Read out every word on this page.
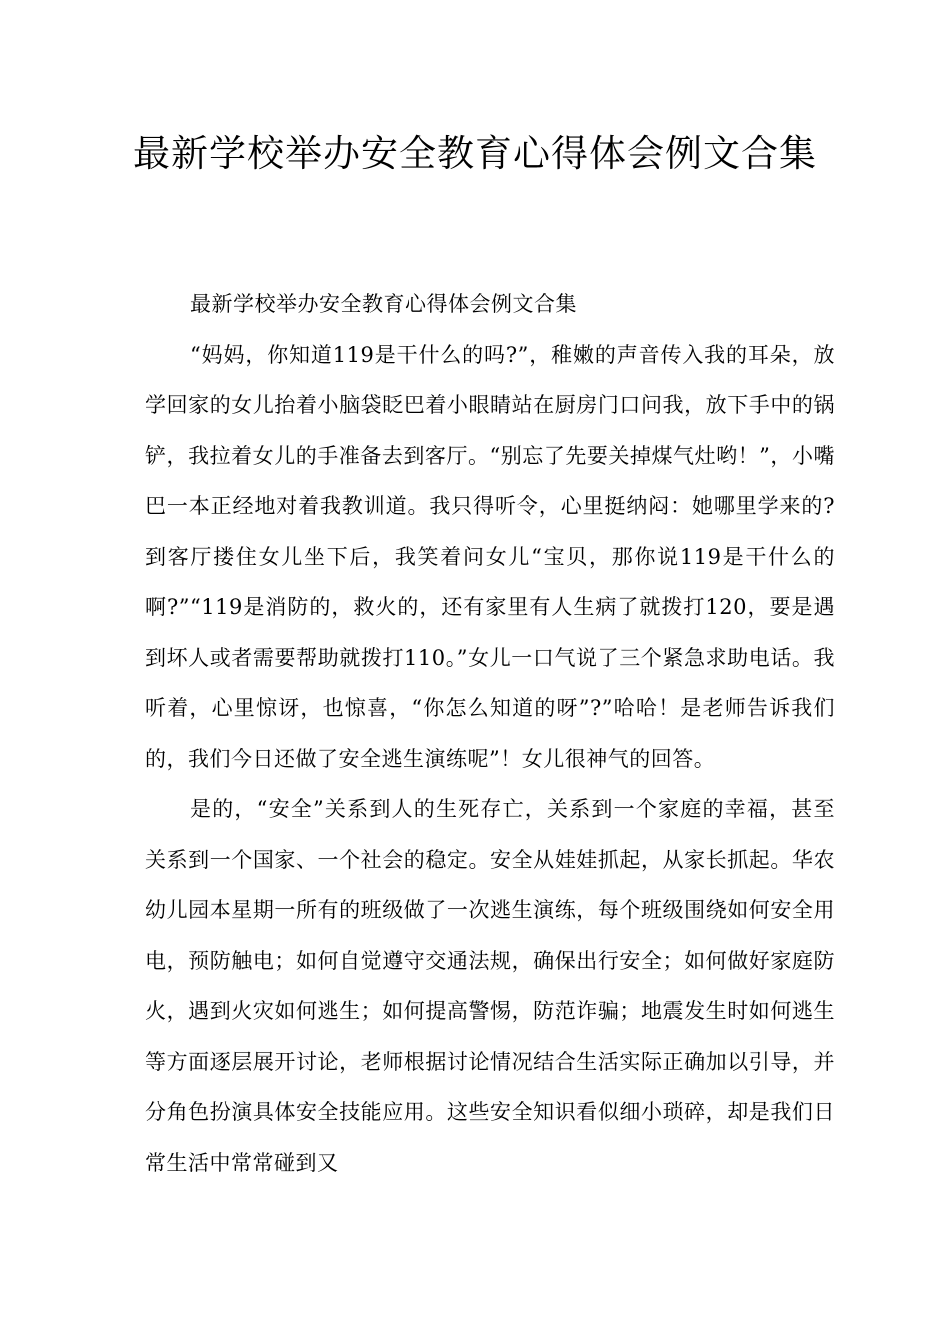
最新学校举办安全教育心得体会例文合集

最新学校举办安全教育心得体会例文合集

“妈妈，你知道119是干什么的吗?”，稚嫩的声音传入我的耳朵，放学回家的女儿抬着小脑袋眨巴着小眼睛站在厨房门口问我，放下手中的锅铲，我拉着女儿的手准备去到客厅。“别忘了先要关掉煤气灶哟！”，小嘴巴一本正经地对着我教训道。我只得听令，心里挺纳闷：她哪里学来的?到客厅搂住女儿坐下后，我笑着问女儿“宝贝，那你说119是干什么的啊?”“119是消防的，救火的，还有家里有人生病了就拨打120，要是遇到坏人或者需要帮助就拨打110。”女儿一口气说了三个紧急求助电话。我听着，心里惊讶，也惊喜，“你怎么知道的呀”?”哈哈！是老师告诉我们的，我们今日还做了安全逃生演练呢”！女儿很神气的回答。

是的，“安全”关系到人的生死存亡，关系到一个家庭的幸福，甚至关系到一个国家、一个社会的稳定。安全从娃娃抓起，从家长抓起。华农幼儿园本星期一所有的班级做了一次逃生演练，每个班级围绕如何安全用电，预防触电；如何自觉遵守交通法规，确保出行安全；如何做好家庭防火，遇到火灾如何逃生；如何提高警惕，防范诈骗；地震发生时如何逃生等方面逐层展开讨论，老师根据讨论情况结合生活实际正确加以引导，并分角色扮演具体安全技能应用。这些安全知识看似细小琐碎，却是我们日常生活中常常碰到又
